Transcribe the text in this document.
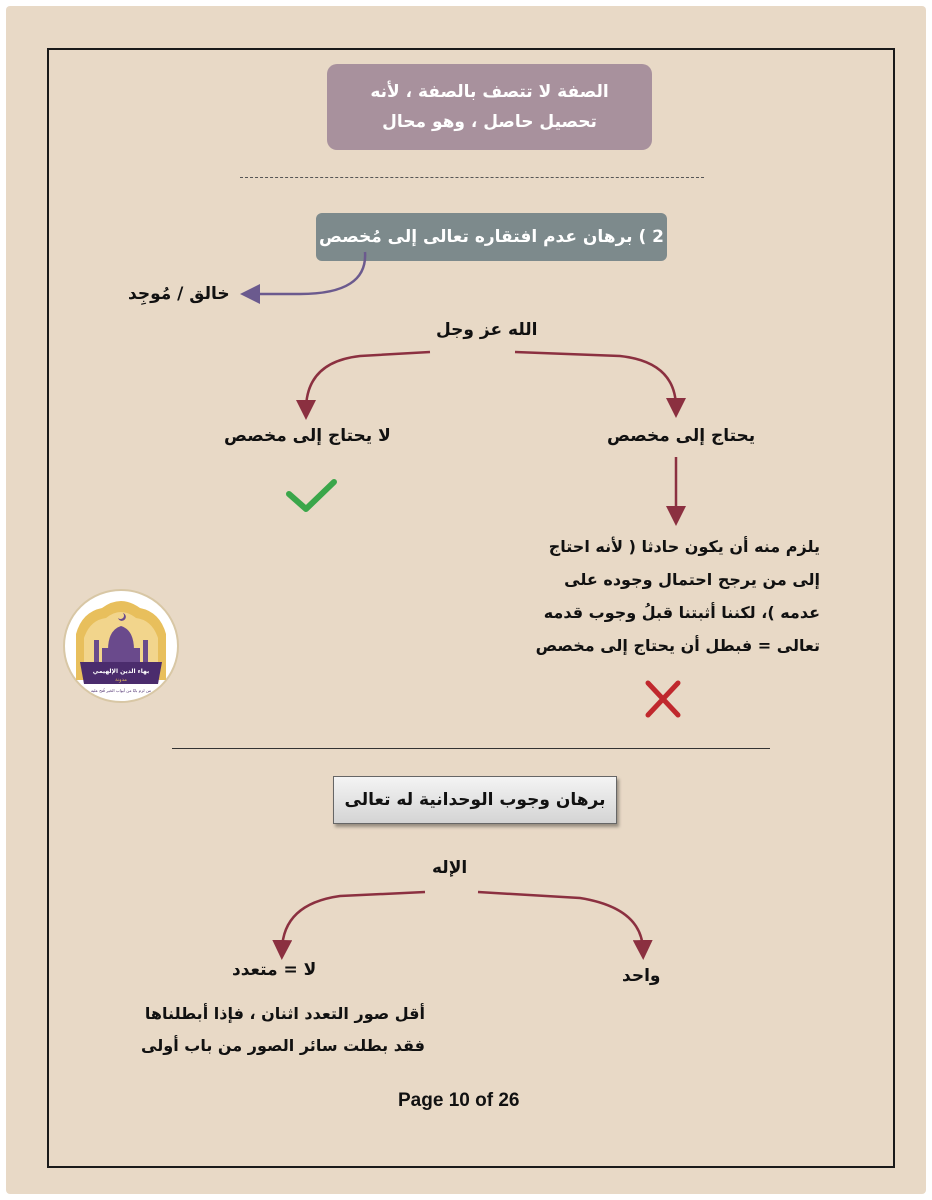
الصفة لا تتصف بالصفة ، لأنه
تحصيل حاصل ، وهو محال
2 ) برهان عدم افتقاره تعالى إلى مُخصص
خالق / مُوجِد
الله عز وجل
لا يحتاج إلى مخصص	يحتاج إلى مخصص
يلزم منه أن يكون حادثا ( لأنه احتاج
إلى من يرجح احتمال وجوده على
عدمه )، لكننا أثبتنا قبلُ وجوب قدمه
تعالى = فبطل أن يحتاج إلى مخصص
بهاء الدين الإلهيمي
مدونة
من لزم بابًا من أبواب الخير فُتح عليه
برهان وجوب الوحدانية له تعالى
الإله
لا = متعدد	واحد
أقل صور التعدد اثنان ، فإذا أبطلناها
فقد بطلت سائر الصور من باب أولى
Page 10 of 26
